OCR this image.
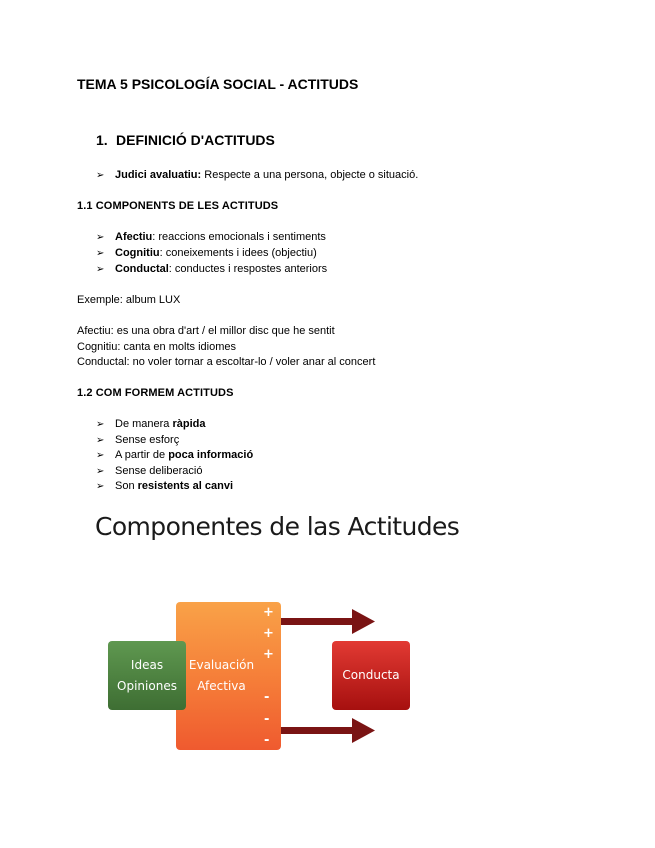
TEMA 5 PSICOLOGÍA SOCIAL - ACTITUDS
1. DEFINICIÓ D'ACTITUDS
➢ Judici avaluatiu: Respecte a una persona, objecte o situació.
1.1 COMPONENTS DE LES ACTITUDS
➢ Afectiu: reaccions emocionals i sentiments
➢ Cognitiu: coneixements i idees (objectiu)
➢ Conductal: conductes i respostes anteriors
Exemple: album LUX
Afectiu: es una obra d'art / el millor disc que he sentit
Cognitiu: canta en molts idiomes
Conductal: no voler tornar a escoltar-lo / voler anar al concert
1.2 COM FORMEM ACTITUDS
➢ De manera ràpida
➢ Sense esforç
➢ A partir de poca informació
➢ Sense deliberació
➢ Son resistents al canvi
Componentes de las Actitudes
Evaluación
Afectiva
Ideas
Opiniones
Conducta
+
+
+
-
-
-
